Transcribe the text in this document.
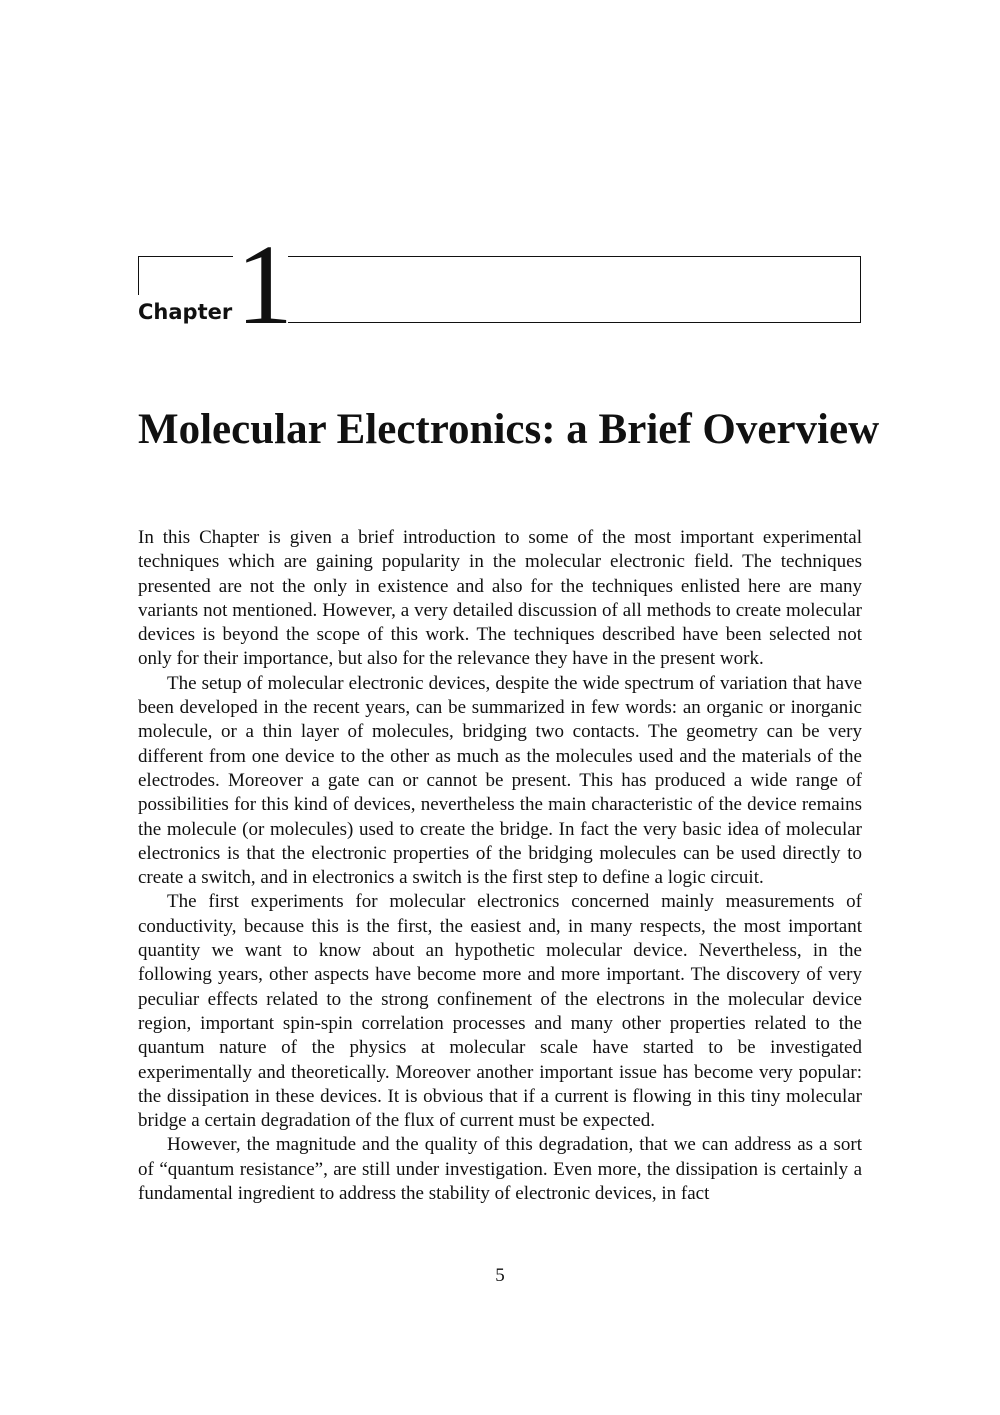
Chapter 1
Molecular Electronics: a Brief Overview

In this Chapter is given a brief introduction to some of the most important experimental techniques which are gaining popularity in the molecular electronic field. The techniques presented are not the only in existence and also for the techniques enlisted here are many variants not mentioned. However, a very detailed discussion of all methods to create molecular devices is beyond the scope of this work. The techniques described have been selected not only for their importance, but also for the relevance they have in the present work.

The setup of molecular electronic devices, despite the wide spectrum of variation that have been developed in the recent years, can be summarized in few words: an organic or inorganic molecule, or a thin layer of molecules, bridging two contacts. The geometry can be very different from one device to the other as much as the molecules used and the materials of the electrodes. Moreover a gate can or cannot be present. This has produced a wide range of possibilities for this kind of devices, nevertheless the main characteristic of the device remains the molecule (or molecules) used to create the bridge. In fact the very basic idea of molecular electronics is that the electronic properties of the bridging molecules can be used directly to create a switch, and in electronics a switch is the first step to define a logic circuit.

The first experiments for molecular electronics concerned mainly measurements of conductivity, because this is the first, the easiest and, in many respects, the most important quantity we want to know about an hypothetic molecular device. Nevertheless, in the following years, other aspects have become more and more important. The discovery of very peculiar effects related to the strong confinement of the electrons in the molecular device region, important spin-spin correlation processes and many other properties related to the quantum nature of the physics at molecular scale have started to be investigated experimentally and theoretically. Moreover another important issue has become very popular: the dissipation in these devices. It is obvious that if a current is flowing in this tiny molecular bridge a certain degradation of the flux of current must be expected.

However, the magnitude and the quality of this degradation, that we can address as a sort of “quantum resistance”, are still under investigation. Even more, the dissipation is certainly a fundamental ingredient to address the stability of electronic devices, in fact

5
